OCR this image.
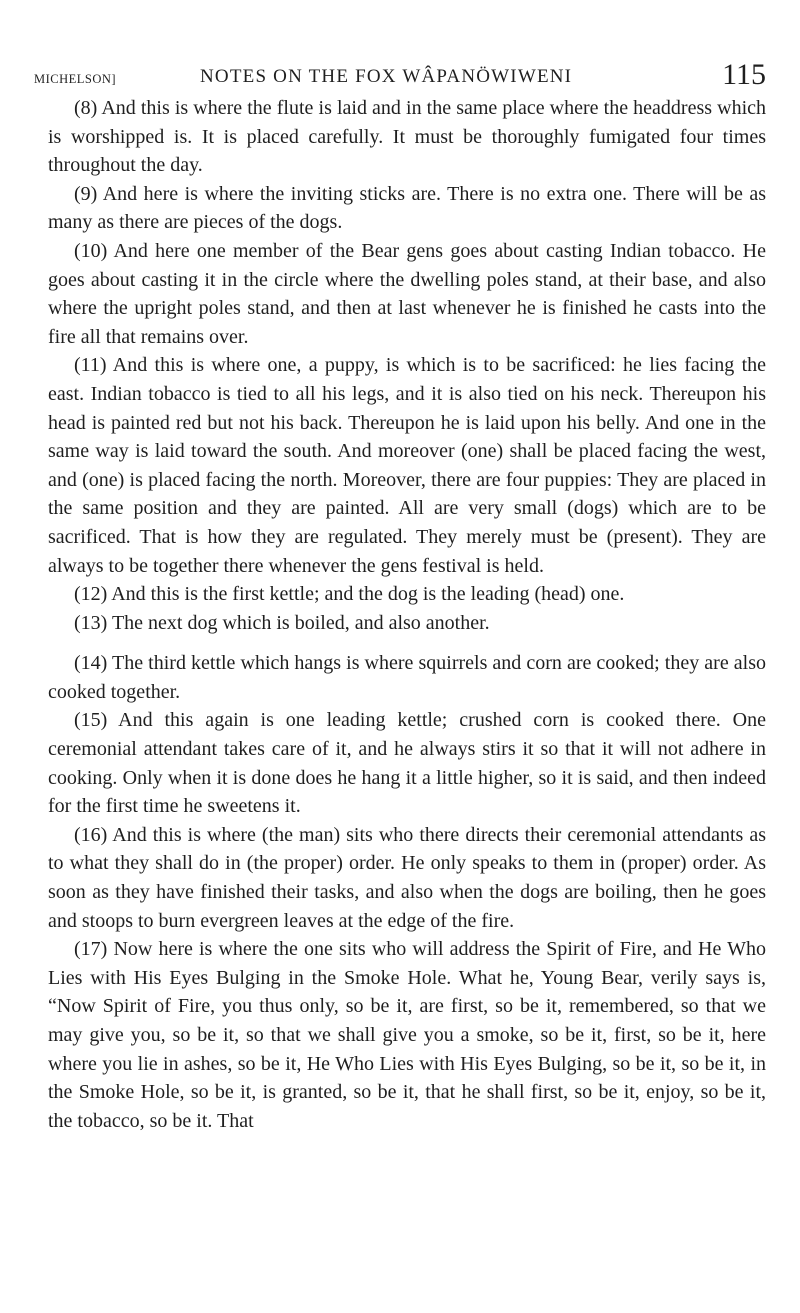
MICHELSON]	NOTES ON THE FOX WÂPANÖWIWENI	115

(8) And this is where the flute is laid and in the same place where the headdress which is worshipped is. It is placed carefully. It must be thoroughly fumigated four times throughout the day.

(9) And here is where the inviting sticks are. There is no extra one. There will be as many as there are pieces of the dogs.

(10) And here one member of the Bear gens goes about casting Indian tobacco. He goes about casting it in the circle where the dwelling poles stand, at their base, and also where the upright poles stand, and then at last whenever he is finished he casts into the fire all that remains over.

(11) And this is where one, a puppy, is which is to be sacrificed: he lies facing the east. Indian tobacco is tied to all his legs, and it is also tied on his neck. Thereupon his head is painted red but not his back. Thereupon he is laid upon his belly. And one in the same way is laid toward the south. And moreover (one) shall be placed facing the west, and (one) is placed facing the north. Moreover, there are four puppies: They are placed in the same position and they are painted. All are very small (dogs) which are to be sacrificed. That is how they are regulated. They merely must be (present). They are always to be together there whenever the gens festival is held.

(12) And this is the first kettle; and the dog is the leading (head) one.

(13) The next dog which is boiled, and also another.

(14) The third kettle which hangs is where squirrels and corn are cooked; they are also cooked together.

(15) And this again is one leading kettle; crushed corn is cooked there. One ceremonial attendant takes care of it, and he always stirs it so that it will not adhere in cooking. Only when it is done does he hang it a little higher, so it is said, and then indeed for the first time he sweetens it.

(16) And this is where (the man) sits who there directs their ceremonial attendants as to what they shall do in (the proper) order. He only speaks to them in (proper) order. As soon as they have finished their tasks, and also when the dogs are boiling, then he goes and stoops to burn evergreen leaves at the edge of the fire.

(17) Now here is where the one sits who will address the Spirit of Fire, and He Who Lies with His Eyes Bulging in the Smoke Hole. What he, Young Bear, verily says is, “Now Spirit of Fire, you thus only, so be it, are first, so be it, remembered, so that we may give you, so be it, so that we shall give you a smoke, so be it, first, so be it, here where you lie in ashes, so be it, He Who Lies with His Eyes Bulging, so be it, so be it, in the Smoke Hole, so be it, is granted, so be it, that he shall first, so be it, enjoy, so be it, the tobacco, so be it. That
